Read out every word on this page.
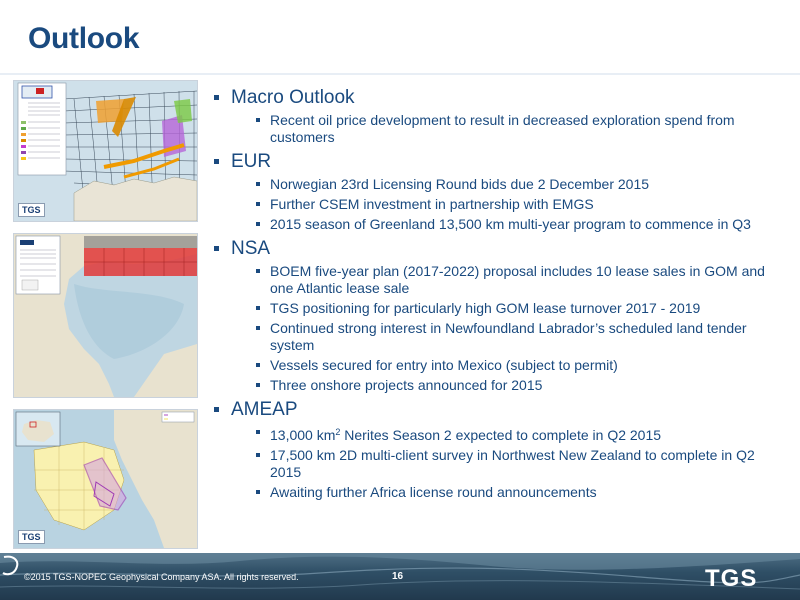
Outlook
TGS
TGS
Macro Outlook
Recent oil price development to result in decreased exploration spend from customers
EUR
Norwegian 23rd Licensing Round bids due 2 December 2015
Further CSEM investment in partnership with EMGS
2015 season of Greenland 13,500 km multi-year program to commence in Q3
NSA
BOEM five-year plan (2017-2022) proposal includes 10 lease sales in GOM and one Atlantic lease sale
TGS positioning for particularly high GOM lease turnover 2017 - 2019
Continued strong interest in Newfoundland Labrador’s scheduled land tender system
Vessels secured for entry into Mexico (subject to permit)
Three onshore projects announced for 2015
AMEAP
13,000 $km^2$ Nerites Season 2 expected to complete in Q2 2015
17,500 km 2D multi-client survey in Northwest New Zealand to complete in Q2 2015
Awaiting further Africa license round announcements
©2015 TGS-NOPEC Geophysical Company ASA. All rights reserved.	16	TGS
